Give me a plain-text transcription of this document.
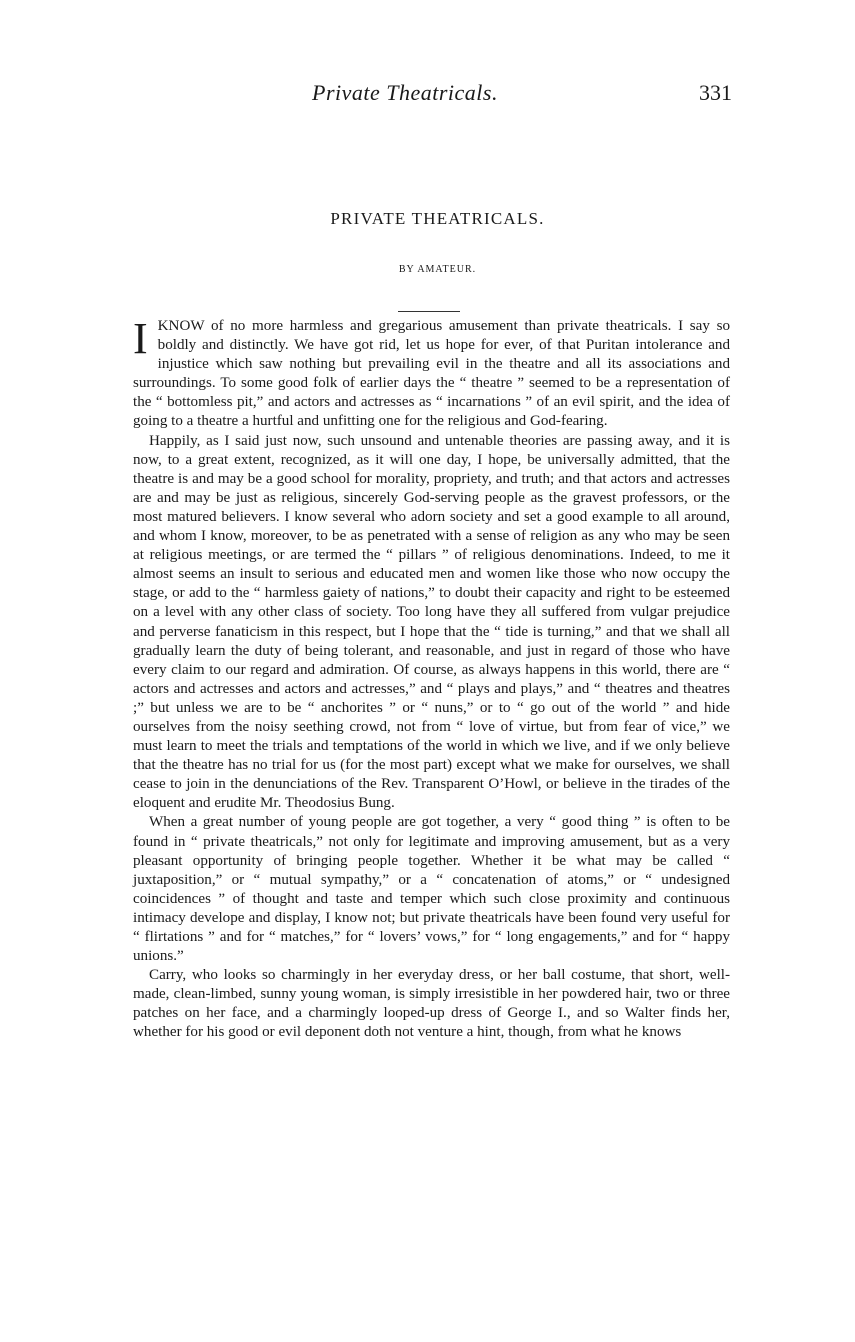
Private Theatricals.	331
PRIVATE THEATRICALS.
BY AMATEUR.

IKNOW of no more harmless and gregarious amusement than private theatricals. I say so boldly and distinctly. We have got rid, let us hope for ever, of that Puritan intolerance and injustice which saw nothing but prevailing evil in the theatre and all its associations and surroundings. To some good folk of earlier days the “ theatre ” seemed to be a representation of the “ bottomless pit,” and actors and actresses as “ incarnations ” of an evil spirit, and the idea of going to a theatre a hurtful and unfitting one for the religious and God-fearing.

Happily, as I said just now, such unsound and untenable theories are passing away, and it is now, to a great extent, recognized, as it will one day, I hope, be universally admitted, that the theatre is and may be a good school for morality, propriety, and truth; and that actors and actresses are and may be just as religious, sincerely God-serving people as the gravest professors, or the most matured believers. I know several who adorn society and set a good example to all around, and whom I know, moreover, to be as penetrated with a sense of religion as any who may be seen at religious meetings, or are termed the “ pillars ” of religious denominations. Indeed, to me it almost seems an insult to serious and educated men and women like those who now occupy the stage, or add to the “ harmless gaiety of nations,” to doubt their capacity and right to be esteemed on a level with any other class of society. Too long have they all suffered from vulgar prejudice and perverse fanaticism in this respect, but I hope that the “ tide is turning,” and that we shall all gradually learn the duty of being tolerant, and reasonable, and just in regard of those who have every claim to our regard and admiration. Of course, as always happens in this world, there are “ actors and actresses and actors and actresses,” and “ plays and plays,” and “ theatres and theatres ;” but unless we are to be “ anchorites ” or “ nuns,” or to “ go out of the world ” and hide ourselves from the noisy seething crowd, not from “ love of virtue, but from fear of vice,” we must learn to meet the trials and temptations of the world in which we live, and if we only believe that the theatre has no trial for us (for the most part) except what we make for ourselves, we shall cease to join in the denunciations of the Rev. Transparent O’Howl, or believe in the tirades of the eloquent and erudite Mr. Theodosius Bung.

When a great number of young people are got together, a very “ good thing ” is often to be found in “ private theatricals,” not only for legitimate and improving amusement, but as a very pleasant opportunity of bringing people together. Whether it be what may be called “ juxtaposition,” or “ mutual sympathy,” or a “ concatenation of atoms,” or “ undesigned coincidences ” of thought and taste and temper which such close proximity and continuous intimacy develope and display, I know not; but private theatricals have been found very useful for “ flirtations ” and for “ matches,” for “ lovers’ vows,” for “ long engagements,” and for “ happy unions.”

Carry, who looks so charmingly in her everyday dress, or her ball costume, that short, well-made, clean-limbed, sunny young woman, is simply irresistible in her powdered hair, two or three patches on her face, and a charmingly looped-up dress of George I., and so Walter finds her, whether for his good or evil deponent doth not venture a hint, though, from what he knows
